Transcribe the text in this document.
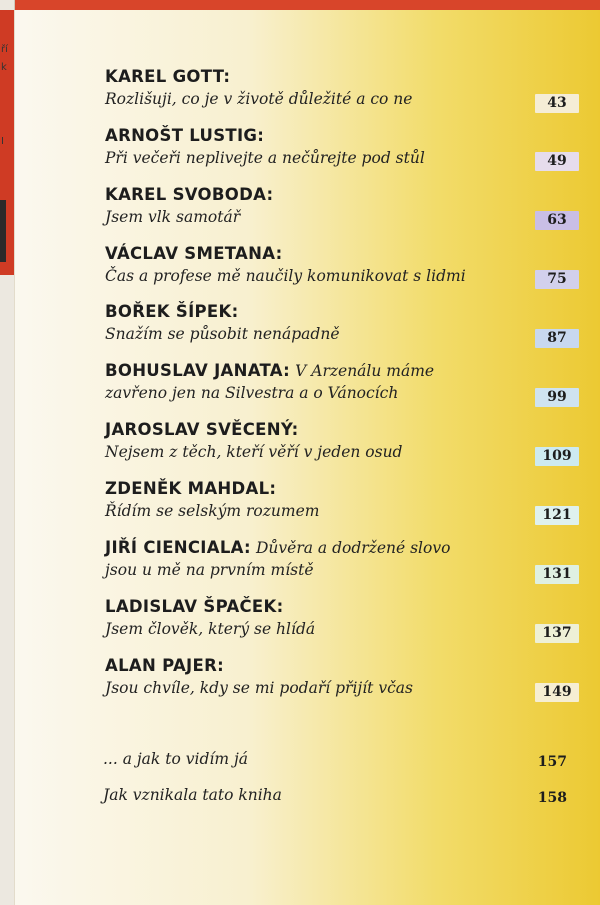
ří
k
I
KAREL GOTT:
Rozlišuji, co je v životě důležité a co ne	43
ARNOŠT LUSTIG:
Při večeři neplivejte a nečůrejte pod stůl	49
KAREL SVOBODA:
Jsem vlk samotář	63
VÁCLAV SMETANA:
Čas a profese mě naučily komunikovat s lidmi	75
BOŘEK ŠÍPEK:
Snažím se působit nenápadně	87
BOHUSLAV JANATA: V Arzenálu máme
zavřeno jen na Silvestra a o Vánocích	99
JAROSLAV SVĚCENÝ:
Nejsem z těch, kteří věří v jeden osud	109
ZDENĚK MAHDAL:
Řídím se selským rozumem	121
JIŘÍ CIENCIALA: Důvěra a dodržené slovo
jsou u mě na prvním místě	131
LADISLAV ŠPAČEK:
Jsem člověk, který se hlídá	137
ALAN PAJER:
Jsou chvíle, kdy se mi podaří přijít včas	149
... a jak to vidím já	157
Jak vznikala tato kniha	158
